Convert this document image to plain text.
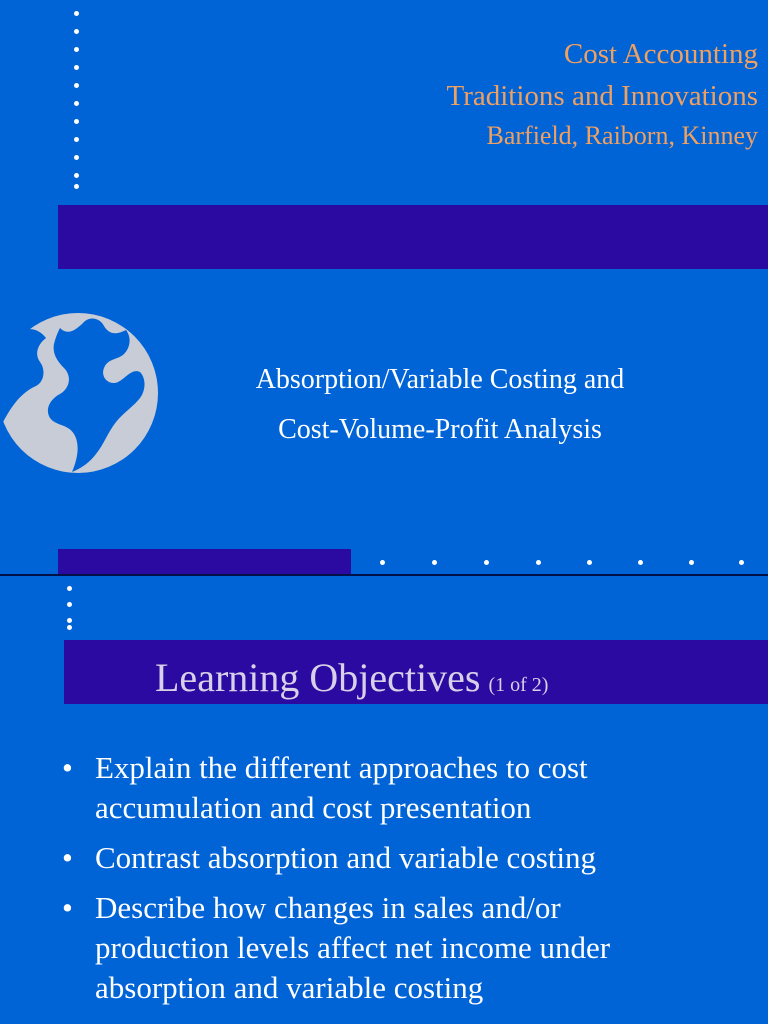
Cost Accounting
Traditions and Innovations
Barfield, Raiborn, Kinney
Absorption/Variable Costing and
Cost-Volume-Profit Analysis
Learning Objectives (1 of 2)
• Explain the different approaches to cost
accumulation and cost presentation
• Contrast absorption and variable costing
• Describe how changes in sales and/or
production levels affect net income under
absorption and variable costing
